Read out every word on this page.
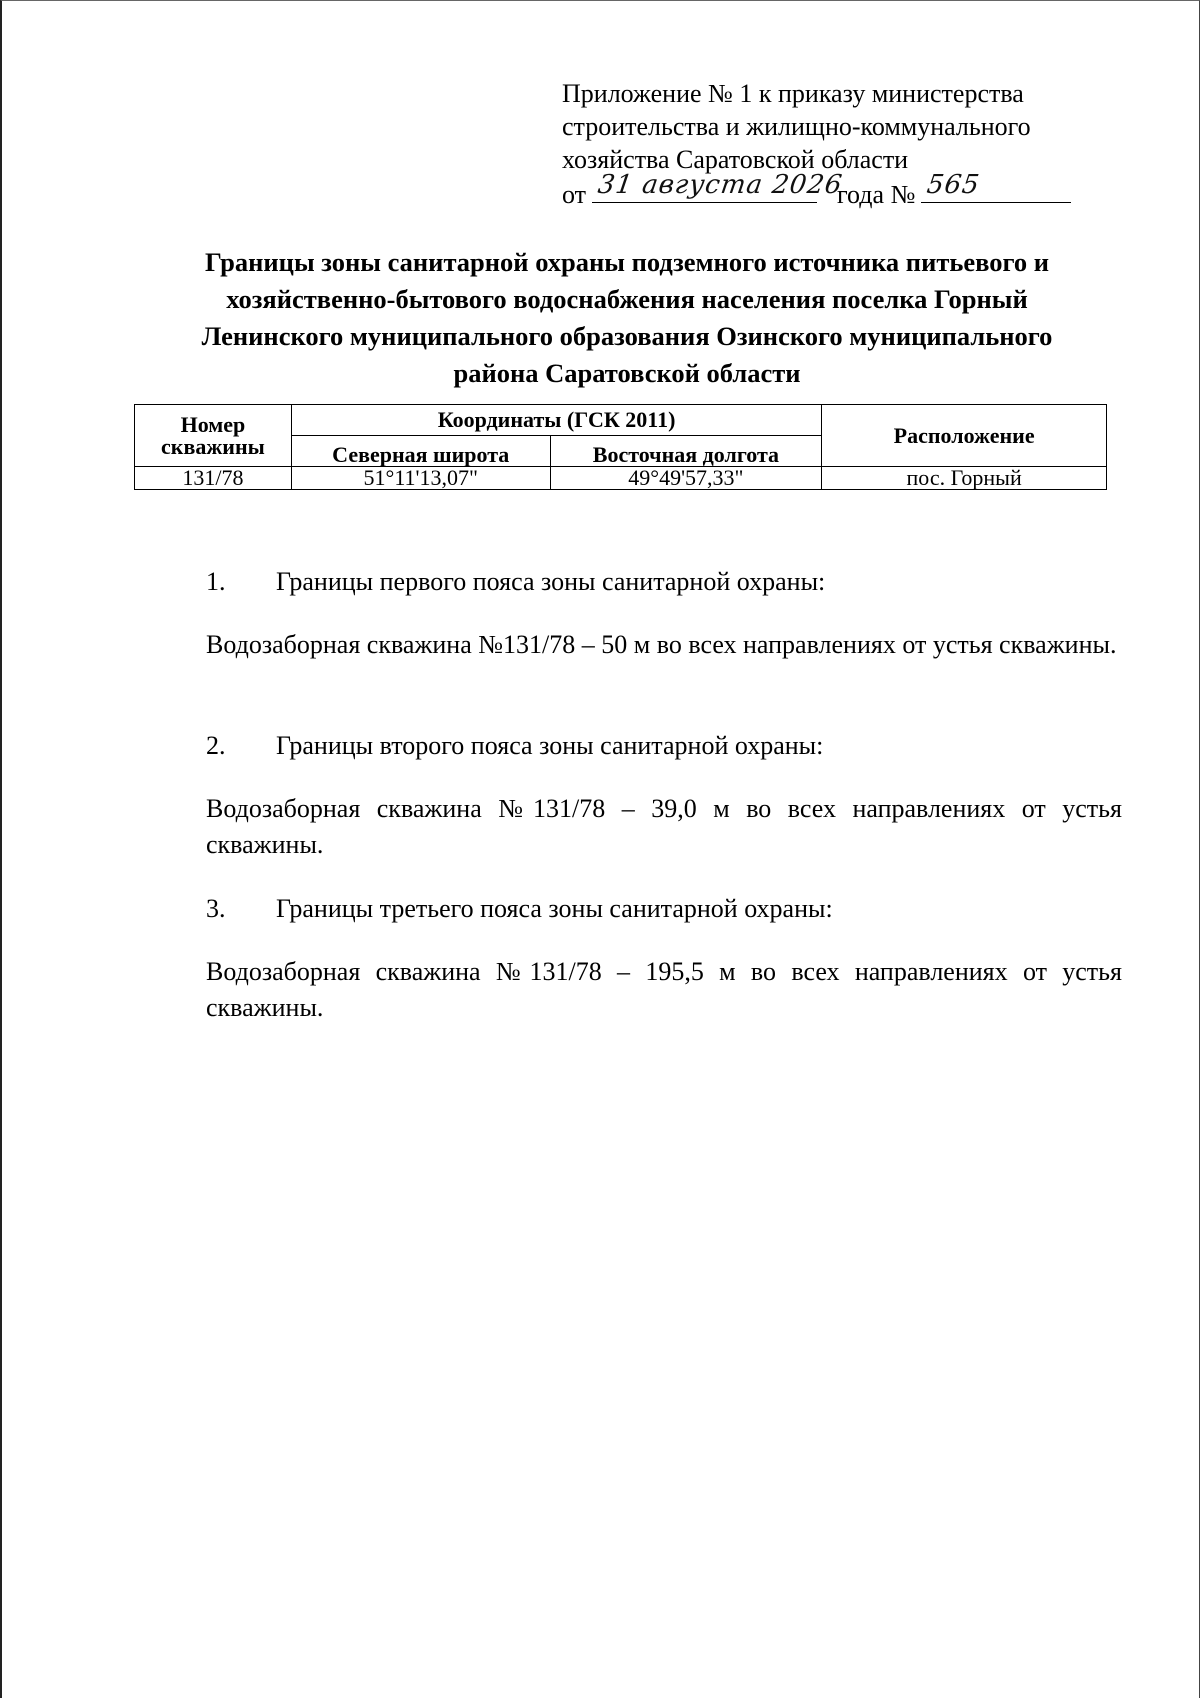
Приложение № 1 к приказу министерства
строительства и жилищно-коммунального
хозяйства Саратовской области
от 31 августа 2026
года № 565
Границы зоны санитарной охраны подземного источника питьевого и
хозяйственно-бытового водоснабжения населения поселка Горный
Ленинского муниципального образования Озинского муниципального
района Саратовской области
Номер
скважины	Координаты (ГСК 2011)		Расположение
	Северная широта	Восточная долгота	
131/78	51°11'13,07"	49°49'57,33"	пос. Горный
1. Границы первого пояса зоны санитарной охраны:
Водозаборная скважина №131/78 – 50 м во всех направлениях от устья скважины.
2. Границы второго пояса зоны санитарной охраны:
Водозаборная скважина №131/78 – 39,0 м во всех направлениях от устья скважины.
3. Границы третьего пояса зоны санитарной охраны:
Водозаборная скважина №131/78 – 195,5 м во всех направлениях от устья скважины.
